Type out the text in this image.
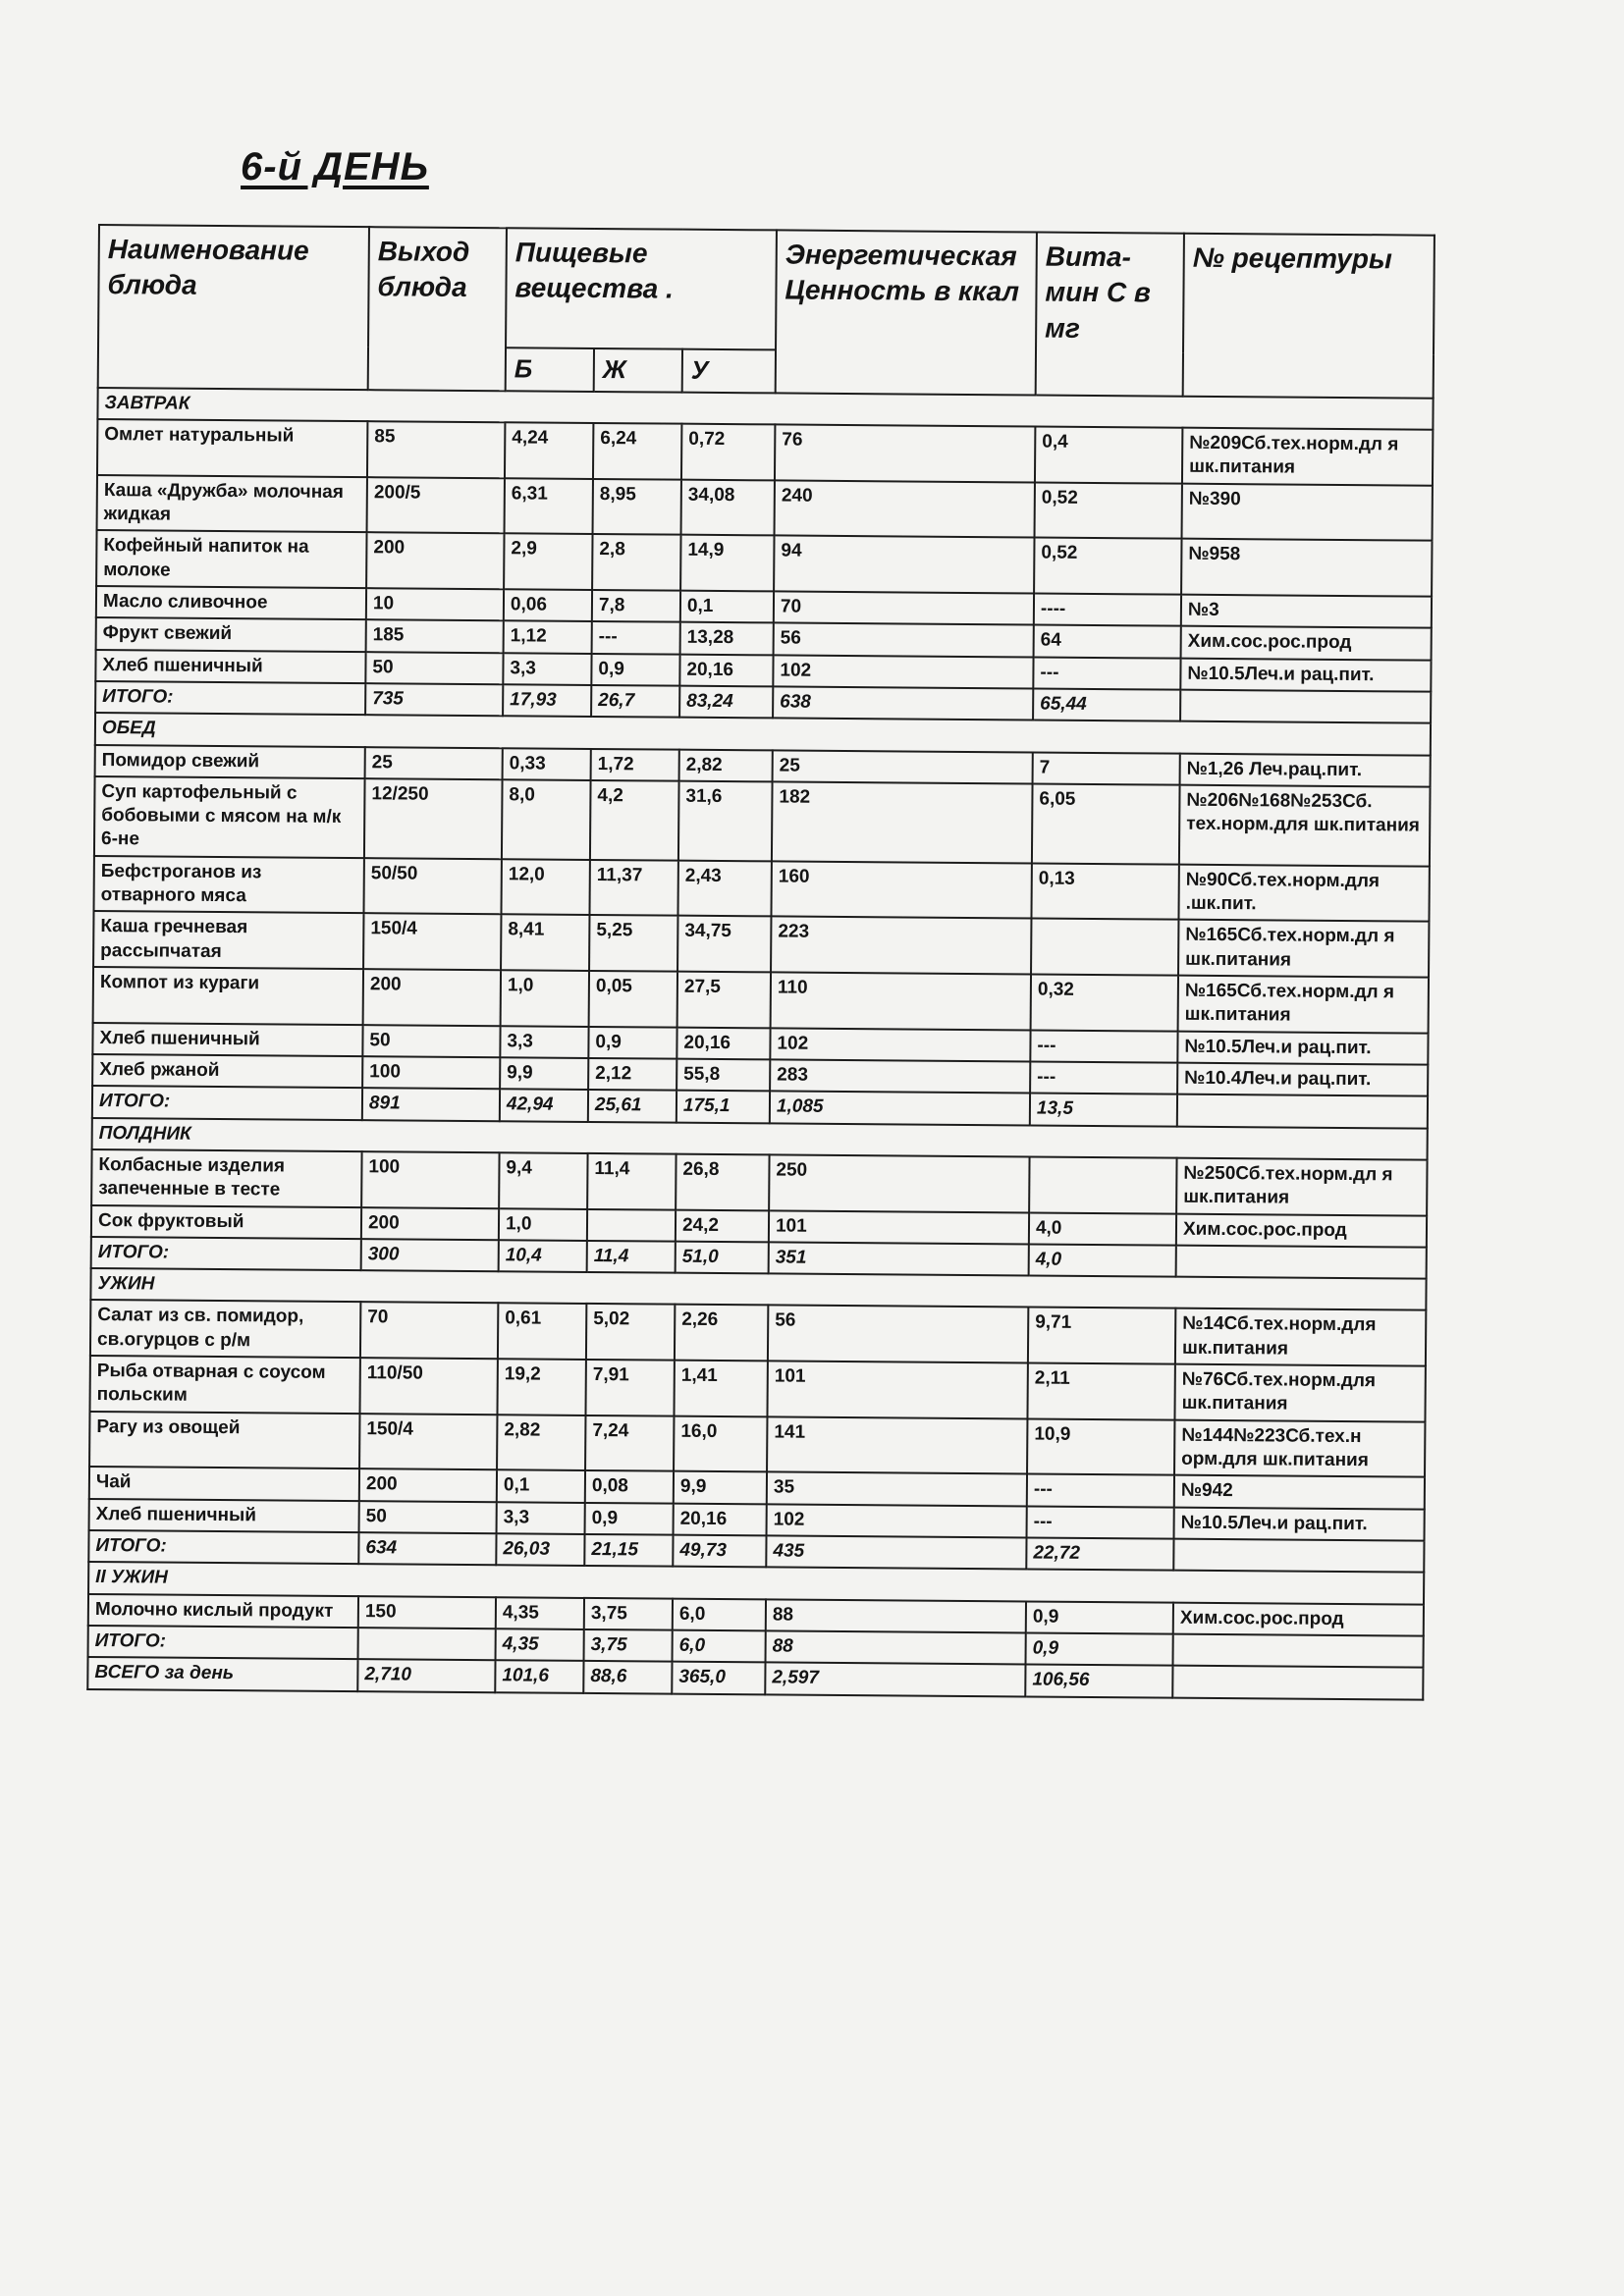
6-й ДЕНЬ
Наименование блюда	Выход блюда	Пищевые вещества .			Энергетическая Ценность в ккал	Вита-мин С в мг	№ рецептуры
		Б	Ж	У			
ЗАВТРАК							
Омлет натуральный	85	4,24	6,24	0,72	76	0,4	№209Сб.тех.норм.дл я шк.питания
Каша «Дружба» молочная жидкая	200/5	6,31	8,95	34,08	240	0,52	№390
Кофейный напиток на молоке	200	2,9	2,8	14,9	94	0,52	№958
Масло сливочное	10	0,06	7,8	0,1	70	----	№3
Фрукт свежий	185	1,12	---	13,28	56	64	Хим.сос.рос.прод
Хлеб пшеничный	50	3,3	0,9	20,16	102	---	№10.5Леч.и рац.пит.
ИТОГО:	735	17,93	26,7	83,24	638	65,44	
ОБЕД							
Помидор свежий	25	0,33	1,72	2,82	25	7	№1,26 Леч.рац.пит.
Суп картофельный с бобовыми с мясом на м/к 6-не	12/250	8,0	4,2	31,6	182	6,05	№206№168№253Сб. тех.норм.для шк.питания
Бефстроганов из отварного мяса	50/50	12,0	11,37	2,43	160	0,13	№90Сб.тех.норм.для .шк.пит.
Каша гречневая рассыпчатая	150/4	8,41	5,25	34,75	223		№165Сб.тех.норм.дл я шк.питания
Компот из кураги	200	1,0	0,05	27,5	110	0,32	№165Сб.тех.норм.дл я шк.питания
Хлеб пшеничный	50	3,3	0,9	20,16	102	---	№10.5Леч.и рац.пит.
Хлеб ржаной	100	9,9	2,12	55,8	283	---	№10.4Леч.и рац.пит.
ИТОГО:	891	42,94	25,61	175,1	1,085	13,5	
ПОЛДНИК							
Колбасные изделия запеченные в тесте	100	9,4	11,4	26,8	250		№250Сб.тех.норм.дл я шк.питания
Сок фруктовый	200	1,0		24,2	101	4,0	Хим.сос.рос.прод
ИТОГО:	300	10,4	11,4	51,0	351	4,0	
УЖИН							
Салат из св. помидор, св.огурцов с р/м	70	0,61	5,02	2,26	56	9,71	№14Сб.тех.норм.для шк.питания
Рыба отварная с соусом польским	110/50	19,2	7,91	1,41	101	2,11	№76Сб.тех.норм.для шк.питания
Рагу из овощей	150/4	2,82	7,24	16,0	141	10,9	№144№223Сб.тех.н орм.для шк.питания
Чай	200	0,1	0,08	9,9	35	---	№942
Хлеб пшеничный	50	3,3	0,9	20,16	102	---	№10.5Леч.и рац.пит.
ИТОГО:	634	26,03	21,15	49,73	435	22,72	
II УЖИН							
Молочно кислый продукт	150	4,35	3,75	6,0	88	0,9	Хим.сос.рос.прод
ИТОГО:		4,35	3,75	6,0	88	0,9	
ВСЕГО за день	2,710	101,6	88,6	365,0	2,597	106,56	
